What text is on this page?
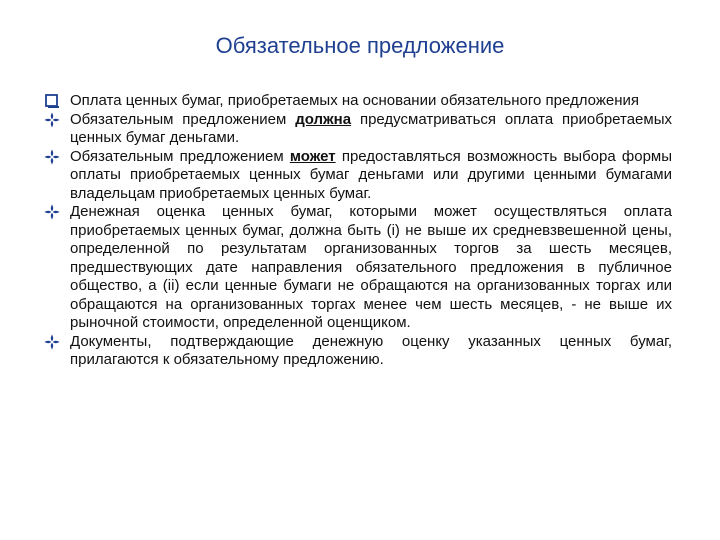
Обязательное предложение
Оплата ценных бумаг, приобретаемых на основании обязательного предложения
Обязательным предложением должна предусматриваться оплата приобретаемых ценных бумаг деньгами.
Обязательным предложением может предоставляться возможность выбора формы оплаты приобретаемых ценных бумаг деньгами или другими ценными бумагами владельцам приобретаемых ценных бумаг.
Денежная оценка ценных бумаг, которыми может осуществляться оплата приобретаемых ценных бумаг, должна быть (i) не выше их средневзвешенной цены, определенной по результатам организованных торгов за шесть месяцев, предшествующих дате направления обязательного предложения в публичное общество, а (ii) если ценные бумаги не обращаются на организованных торгах или обращаются на организованных торгах менее чем шесть месяцев, - не выше их рыночной стоимости, определенной оценщиком.
Документы, подтверждающие денежную оценку указанных ценных бумаг, прилагаются к обязательному предложению.
